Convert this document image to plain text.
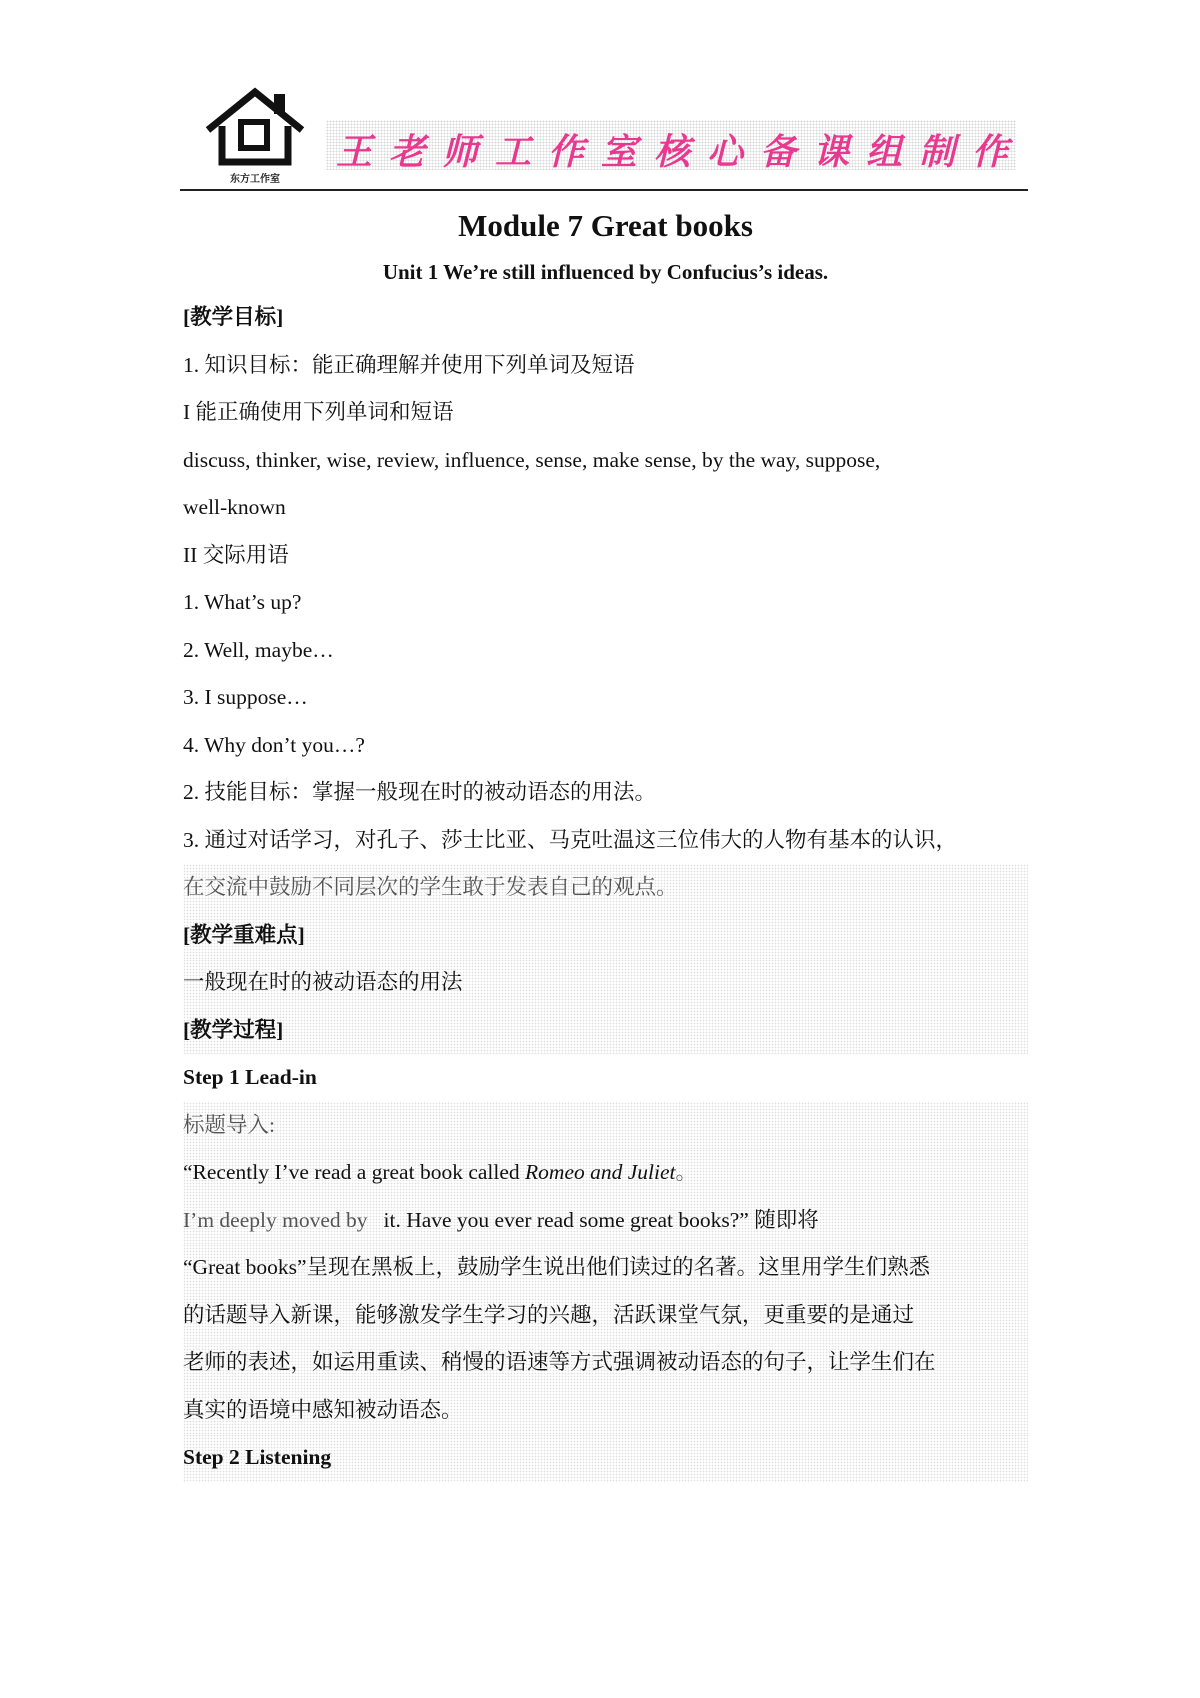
东方工作室
王老师工作室核心备课组制作
Module 7 Great books
Unit 1 We’re still influenced by Confucius’s ideas.
[教学目标]
1. 知识目标：能正确理解并使用下列单词及短语
I 能正确使用下列单词和短语
discuss, thinker, wise, review, influence, sense, make sense, by the way, suppose,
well-known
II 交际用语
1. What’s up?
2. Well, maybe…
3. I suppose…
4. Why don’t you…?
2. 技能目标：掌握一般现在时的被动语态的用法。
3. 通过对话学习，对孔子、莎士比亚、马克吐温这三位伟大的人物有基本的认识，
在交流中鼓励不同层次的学生敢于发表自己的观点。
[教学重难点]
一般现在时的被动语态的用法
[教学过程]
Step 1 Lead-in
标题导入:
“Recently I’ve read a great book called Romeo and Juliet。
I’m deeply moved by it. Have you ever read some great books?” 随即将
“Great books”呈现在黑板上，鼓励学生说出他们读过的名著。这里用学生们熟悉
的话题导入新课，能够激发学生学习的兴趣，活跃课堂气氛，更重要的是通过
老师的表述，如运用重读、稍慢的语速等方式强调被动语态的句子，让学生们在
真实的语境中感知被动语态。
Step 2 Listening
